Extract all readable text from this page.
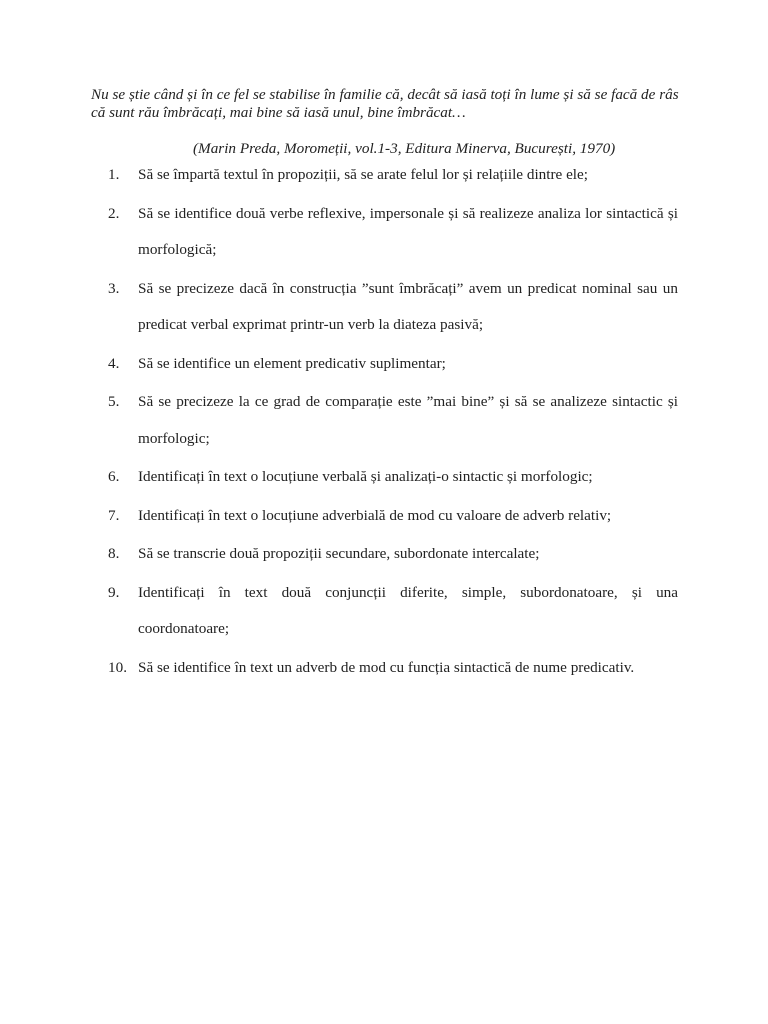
Nu se știe când și în ce fel se stabilise în familie că, decât să iasă toți în lume și să se facă de râs că sunt rău îmbrăcați, mai bine să iasă unul, bine îmbrăcat…

(Marin Preda, Moromeții, vol.1-3, Editura Minerva, București, 1970)

1. Să se împartă textul în propoziții, să se arate felul lor și relațiile dintre ele;
2. Să se identifice două verbe reflexive, impersonale și să realizeze analiza lor sintactică și morfologică;
3. Să se precizeze dacă în construcția ”sunt îmbrăcați” avem un predicat nominal sau un predicat verbal exprimat printr-un verb la diateza pasivă;
4. Să se identifice un element predicativ suplimentar;
5. Să se precizeze la ce grad de comparație este ”mai bine” și să se analizeze sintactic și morfologic;
6. Identificați în text o locuțiune verbală și analizați-o sintactic și morfologic;
7. Identificați în text o locuțiune adverbială de mod cu valoare de adverb relativ;
8. Să se transcrie două propoziții secundare, subordonate intercalate;
9. Identificați în text două conjuncții diferite, simple, subordonatoare, și una coordonatoare;
10. Să se identifice în text un adverb de mod cu funcția sintactică de nume predicativ.
